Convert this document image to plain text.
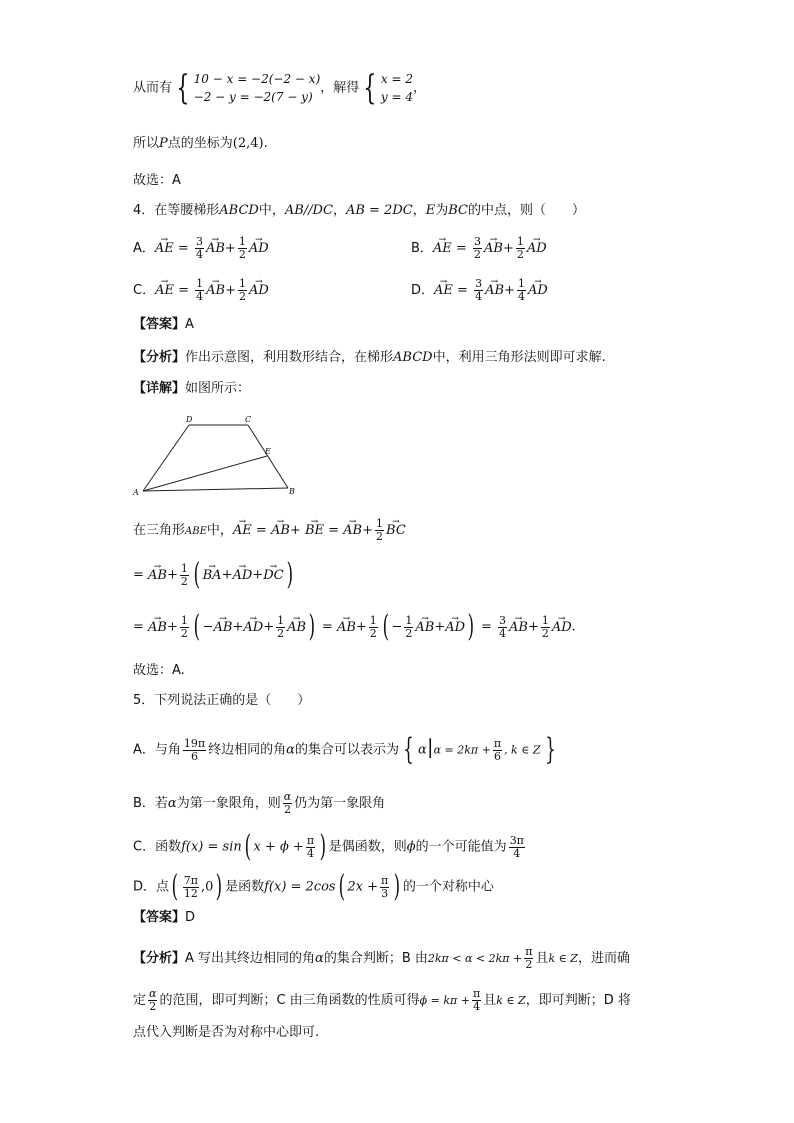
从而有 { 10 − x = −2(−2 − x)
−2 − y = −2(7 − y)
，解得 { x = 2
y = 4
，
所以P点的坐标为(2,4).
故选：A
4．在等腰梯形ABCD中，AB//DC，AB = 2DC，E为BC的中点，则（　　）
A．→ AE = $\frac{3}{4}$
→ $AB+ \frac{1}{2}$
→ AD	B．→ AE = $\frac{3}{2}$
→ $AB+ \frac{1}{2}$
→ AD
C．→ AE = $\frac{1}{4}$
→ $AB+ \frac{1}{2}$
→ AD	D．→ AE = $\frac{3}{4}$
→ $AB+ \frac{1}{4}$
→ AD
【答案】A
【分析】作出示意图，利用数形结合，在梯形ABCD中，利用三角形法则即可求解.
【详解】如图所示：
A	B
C
D
E
在三角形ABE中，→ AE = → AB+ → BE = → $AB+ \frac{1}{2}$
→ BC
= → $AB+ \frac{1}{2}$ (→ BA+→ AD+→ DC)
= → $AB+ \frac{1}{2}$ ( −→ $AB+\to AD+ \frac{1}{2}$
→ AB) = → $AB+ \frac{1}{2}$ ( − $\frac{1}{2}$
→ $AB+\to AD) = \frac{3}{4}$
→ $AB+ \frac{1}{2}$
→ AD.
故选：A.
5．下列说法正确的是（　　）
A．与角 $\frac{19\pi}{6}$ 终边相同的角α的集合可以表示为 { $\alpha|\alpha = 2k\pi + \frac{\pi}{6}$ , k ∈ Z }
B．若α为第一象限角，则 $\frac{\alpha}{2}$ 仍为第一象限角
C．函数f(x) = sin( $x + \phi + \frac{\pi}{4}$ ) 是偶函数，则ϕ的一个可能值为 $\frac{3\pi}{4}$
D．点( $\frac{7\pi}{12} ,0$) 是函数f(x) = 2cos( $2x + \frac{\pi}{3}$ ) 的一个对称中心
【答案】D
【分析】A 写出其终边相同的角α的集合判断；B 由$2k\pi < \alpha < 2k\pi + \frac{\pi}{2}$ 且k ∈ Z，进而确
定 $\frac{\alpha}{2}$ 的范围，即可判断；C 由三角函数的性质可得$\phi = k\pi + \frac{\pi}{4}$ 且k ∈ Z，即可判断；D 将
点代入判断是否为对称中心即可.
